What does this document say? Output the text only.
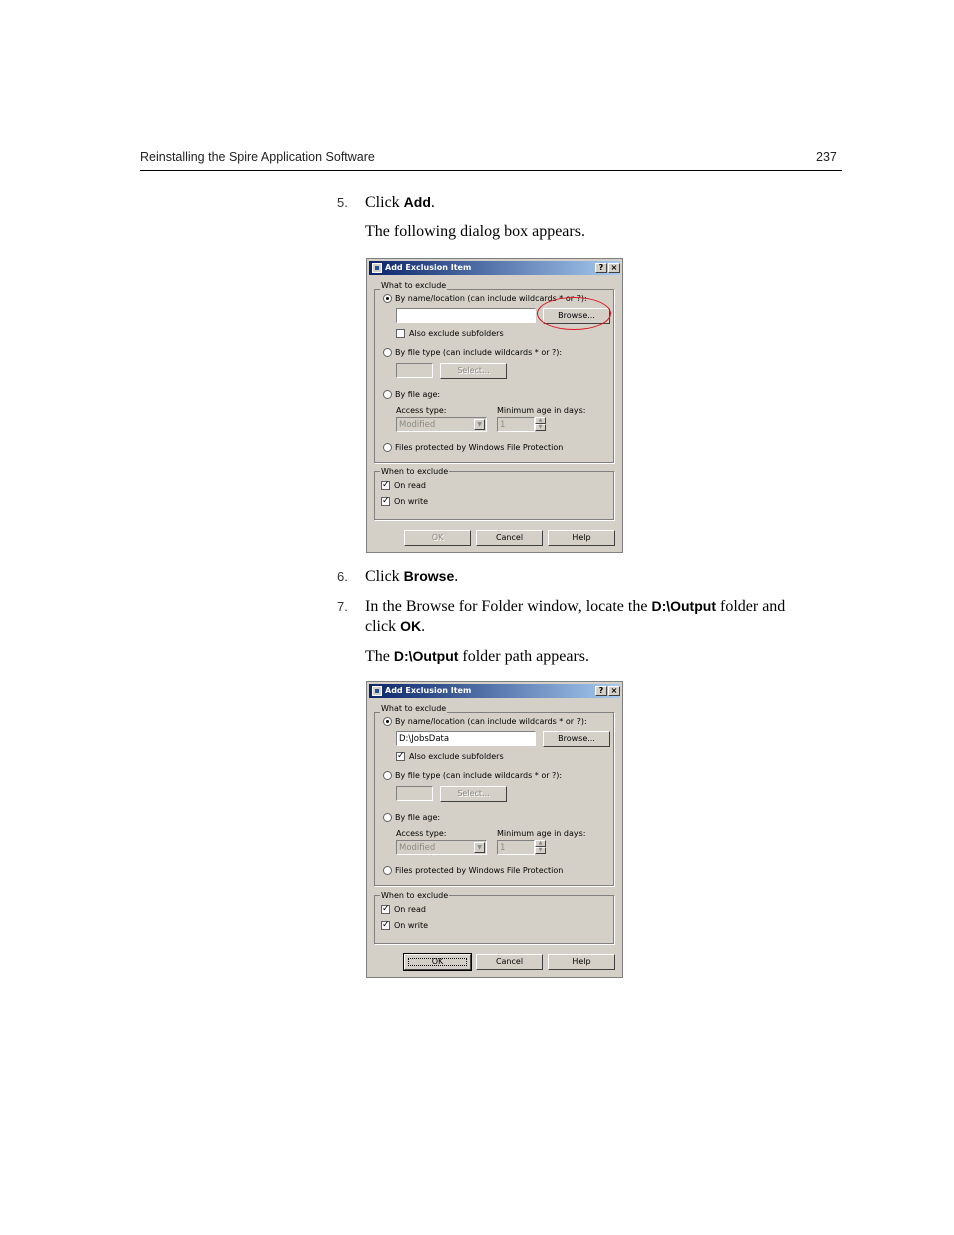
Reinstalling the Spire Application Software	237
5. Click Add.
The following dialog box appears.
Add Exclusion Item	? ×
What to exclude
By name/location (can include wildcards * or ?):
Browse...
Also exclude subfolders
By file type (can include wildcards * or ?):
Select...
By file age:
Access type:	Minimum age in days:
Modified	▼	1	▲
▼
Files protected by Windows File Protection
When to exclude
✓ On read
✓ On write
OK	Cancel	Help
6. Click Browse.
7. In the Browse for Folder window, locate the D:\Output folder and
click OK.
The D:\Output folder path appears.
Add Exclusion Item	? ×
What to exclude
By name/location (can include wildcards * or ?):
D:\JobsData	Browse...
✓ Also exclude subfolders
By file type (can include wildcards * or ?):
Select...
By file age:
Access type:	Minimum age in days:
Modified	▼	1	▲
▼
Files protected by Windows File Protection
When to exclude
✓ On read
✓ On write
OK	Cancel	Help
